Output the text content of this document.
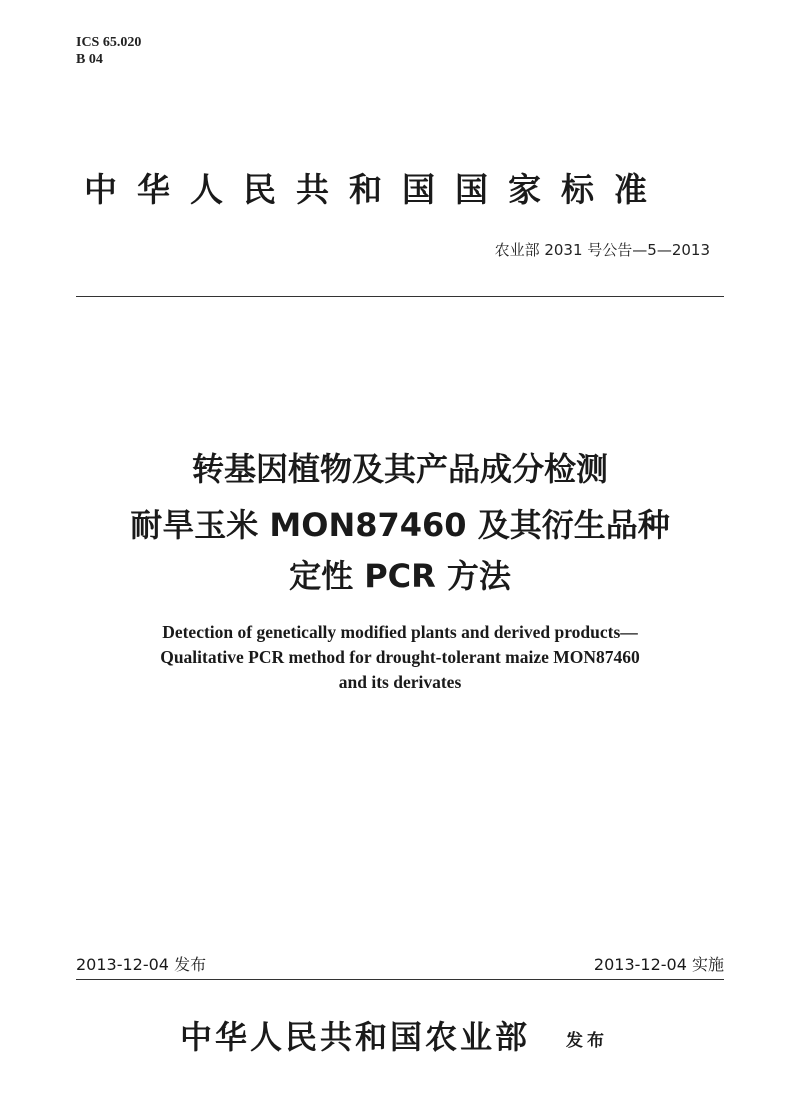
ICS 65.020
B 04
中华人民共和国国家标准
农业部 2031 号公告—5—2013
转基因植物及其产品成分检测
耐旱玉米 MON87460 及其衍生品种
定性 PCR 方法
Detection of genetically modified plants and derived products—
Qualitative PCR method for drought-tolerant maize MON87460
and its derivates
2013-12-04 发布	2013-12-04 实施
中华人民共和国农业部 发布
